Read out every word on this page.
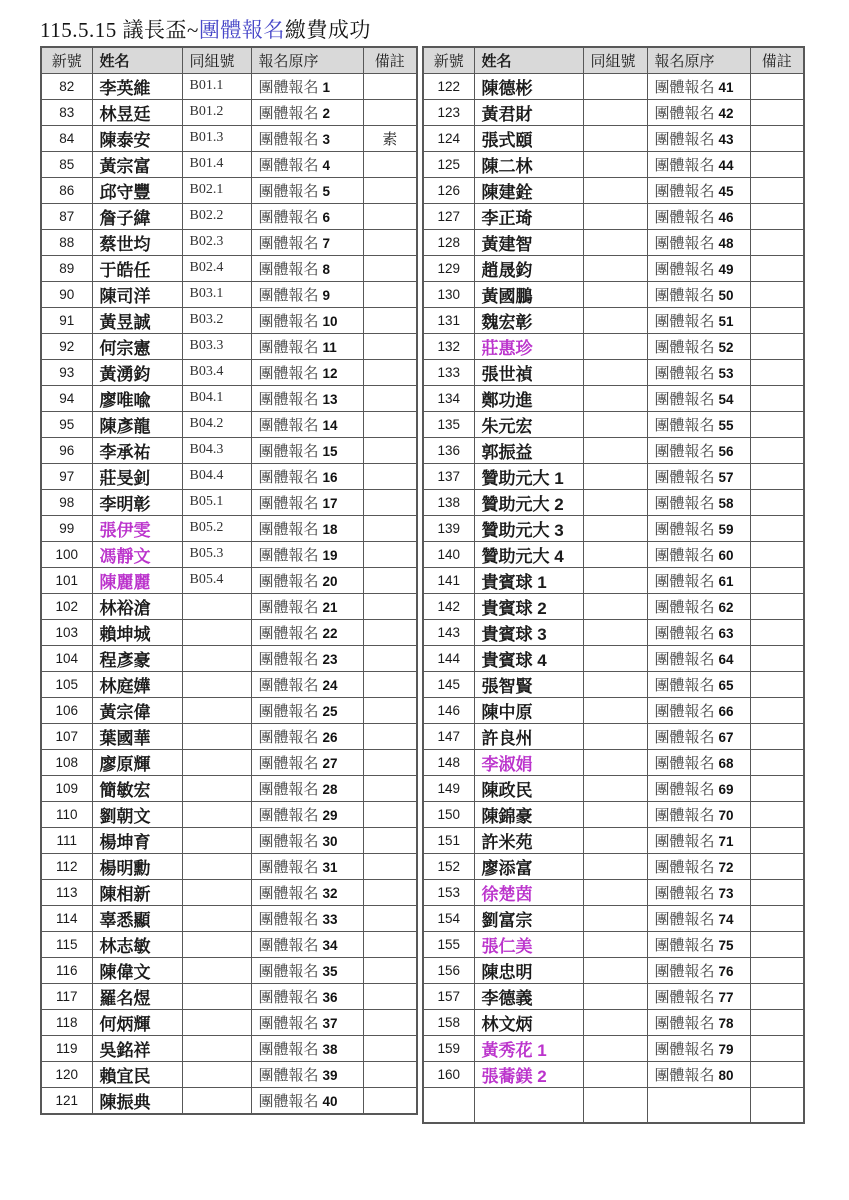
115.5.15 議長盃~團體報名繳費成功
新號	姓名	同組號	報名原序	備註
82	李英維	B01.1	團體報名 1	
83	林昱廷	B01.2	團體報名 2	
84	陳泰安	B01.3	團體報名 3	素
85	黃宗富	B01.4	團體報名 4	
86	邱守豐	B02.1	團體報名 5	
87	詹子緯	B02.2	團體報名 6	
88	蔡世均	B02.3	團體報名 7	
89	于皓任	B02.4	團體報名 8	
90	陳司洋	B03.1	團體報名 9	
91	黃昱誠	B03.2	團體報名 10	
92	何宗憲	B03.3	團體報名 11	
93	黃湧鈞	B03.4	團體報名 12	
94	廖唯喩	B04.1	團體報名 13	
95	陳彥龍	B04.2	團體報名 14	
96	李承祐	B04.3	團體報名 15	
97	莊旻釗	B04.4	團體報名 16	
98	李明彰	B05.1	團體報名 17	
99	張伊雯	B05.2	團體報名 18	
100	馮靜文	B05.3	團體報名 19	
101	陳麗麗	B05.4	團體報名 20	
102	林裕滄		團體報名 21	
103	賴坤城		團體報名 22	
104	程彥豪		團體報名 23	
105	林庭嬅		團體報名 24	
106	黃宗偉		團體報名 25	
107	葉國華		團體報名 26	
108	廖原輝		團體報名 27	
109	簡敏宏		團體報名 28	
110	劉朝文		團體報名 29	
111	楊坤育		團體報名 30	
112	楊明勳		團體報名 31	
113	陳相新		團體報名 32	
114	辜悉顯		團體報名 33	
115	林志敏		團體報名 34	
116	陳偉文		團體報名 35	
117	羅名煜		團體報名 36	
118	何炳輝		團體報名 37	
119	吳銘祥		團體報名 38	
120	賴宜民		團體報名 39	
121	陳振典		團體報名 40	
新號	姓名	同組號	報名原序	備註
122	陳德彬		團體報名 41	
123	黃君財		團體報名 42	
124	張式頤		團體報名 43	
125	陳二林		團體報名 44	
126	陳建銓		團體報名 45	
127	李正琦		團體報名 46	
128	黃建智		團體報名 48	
129	趙晟鈞		團體報名 49	
130	黃國鵬		團體報名 50	
131	魏宏彰		團體報名 51	
132	莊惠珍		團體報名 52	
133	張世禎		團體報名 53	
134	鄭功進		團體報名 54	
135	朱元宏		團體報名 55	
136	郭振益		團體報名 56	
137	贊助元大 1		團體報名 57	
138	贊助元大 2		團體報名 58	
139	贊助元大 3		團體報名 59	
140	贊助元大 4		團體報名 60	
141	貴賓球 1		團體報名 61	
142	貴賓球 2		團體報名 62	
143	貴賓球 3		團體報名 63	
144	貴賓球 4		團體報名 64	
145	張智賢		團體報名 65	
146	陳中原		團體報名 66	
147	許良州		團體報名 67	
148	李淑娟		團體報名 68	
149	陳政民		團體報名 69	
150	陳錦豪		團體報名 70	
151	許米苑		團體報名 71	
152	廖添富		團體報名 72	
153	徐楚茵		團體報名 73	
154	劉富宗		團體報名 74	
155	張仁美		團體報名 75	
156	陳忠明		團體報名 76	
157	李德義		團體報名 77	
158	林文炳		團體報名 78	
159	黃秀花 1		團體報名 79	
160	張蕎鎂 2		團體報名 80	
